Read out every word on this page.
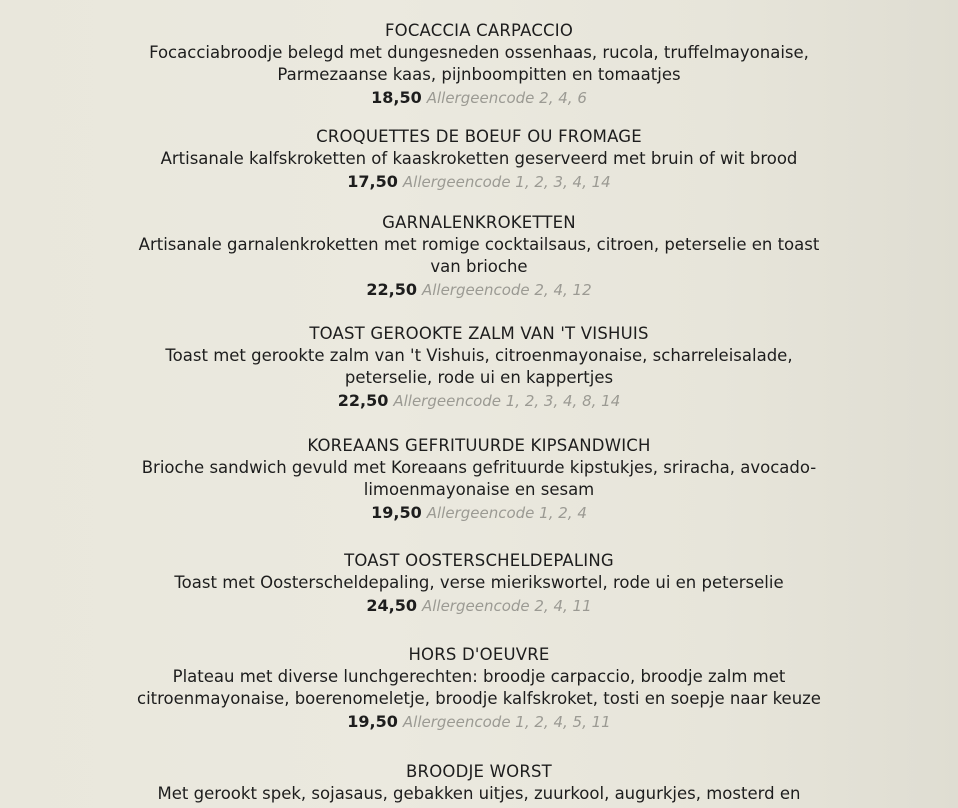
FOCACCIA CARPACCIO
Focacciabroodje belegd met dungesneden ossenhaas, rucola, truffelmayonaise,
Parmezaanse kaas, pijnboompitten en tomaatjes
18,50 Allergeencode 2, 4, 6
CROQUETTES DE BOEUF OU FROMAGE
Artisanale kalfskroketten of kaaskroketten geserveerd met bruin of wit brood
17,50 Allergeencode 1, 2, 3, 4, 14
GARNALENKROKETTEN
Artisanale garnalenkroketten met romige cocktailsaus, citroen, peterselie en toast
van brioche
22,50 Allergeencode 2, 4, 12
TOAST GEROOKTE ZALM VAN 'T VISHUIS
Toast met gerookte zalm van 't Vishuis, citroenmayonaise, scharreleisalade,
peterselie, rode ui en kappertjes
22,50 Allergeencode 1, 2, 3, 4, 8, 14
KOREAANS GEFRITUURDE KIPSANDWICH
Brioche sandwich gevuld met Koreaans gefrituurde kipstukjes, sriracha, avocado-
limoenmayonaise en sesam
19,50 Allergeencode 1, 2, 4
TOAST OOSTERSCHELDEPALING
Toast met Oosterscheldepaling, verse mierikswortel, rode ui en peterselie
24,50 Allergeencode 2, 4, 11
HORS D'OEUVRE
Plateau met diverse lunchgerechten: broodje carpaccio, broodje zalm met
citroenmayonaise, boerenomeletje, broodje kalfskroket, tosti en soepje naar keuze
19,50 Allergeencode 1, 2, 4, 5, 11
BROODJE WORST
Met gerookt spek, sojasaus, gebakken uitjes, zuurkool, augurkjes, mosterd en
